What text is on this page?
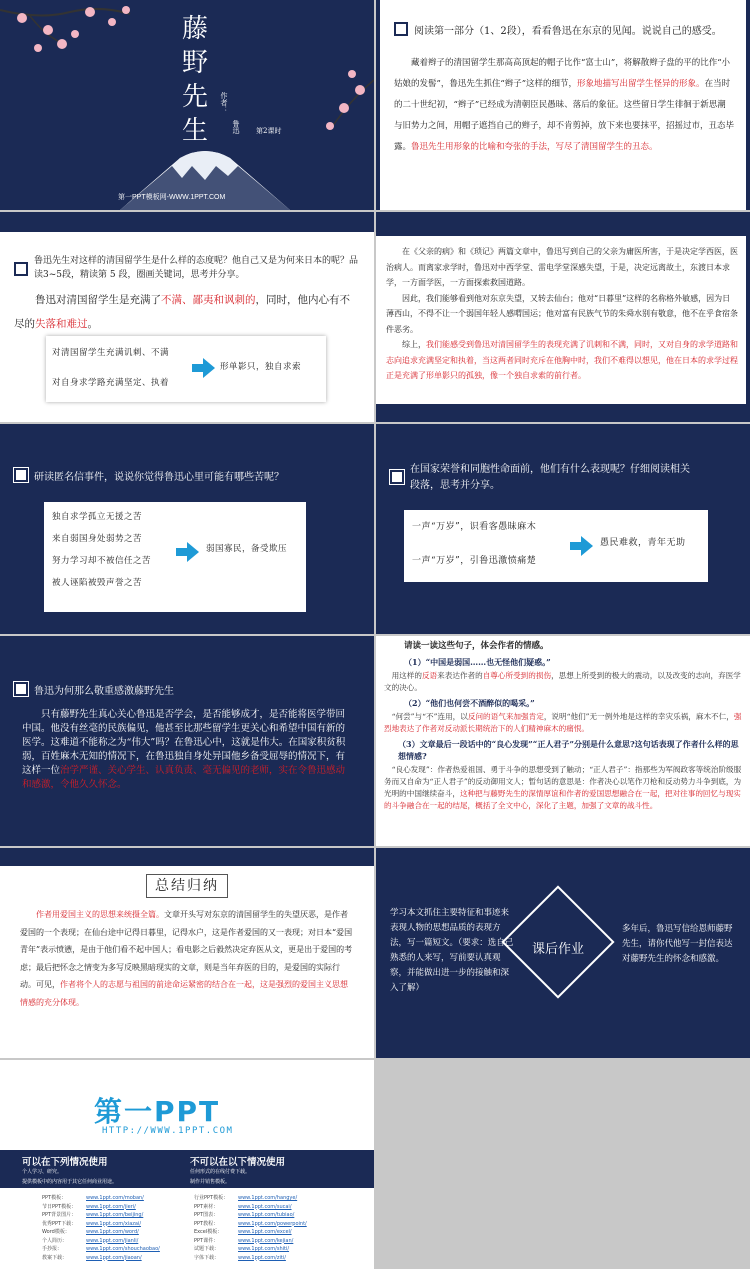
藤
野
先
生
作者：
鲁迅 第2课时
第一PPT模板网-WWW.1PPT.COM
阅读第一部分（1、2段），看看鲁迅在东京的见闻。说说自己的感受。
藏着辫子的清国留学生那高高顶起的帽子比作“富士山”，将解散辫子盘的平的比作“小姑娘的发髻”，鲁迅先生抓住“辫子”这样的细节，形象地描写出留学生怪异的形象。在当时的二十世纪初，“辫子”已经成为清朝臣民愚昧、落后的象征。这些留日学生徘徊于新思潮与旧势力之间，用帽子遮挡自己的辫子，却不肯剪掉，放下来也要抹平，招摇过市，丑态毕露。鲁迅先生用形象的比喻和夸张的手法，写尽了清国留学生的丑态。
鲁迅先生对这样的清国留学生是什么样的态度呢？他自己又是为何来日本的呢？品读3~5段，精读第 5 段，圈画关键词，思考并分享。
鲁迅对清国留学生是充满了不满、鄙夷和讽刺的，同时，他内心有不尽的失落和难过。
对清国留学生充满讥刺、不满
对自身求学路充满坚定、执着
形单影只，独自求索
在《父亲的病》和《琐记》两篇文章中，鲁迅写到自己的父亲为庸医所害，于是决定学西医，医治病人。而离家求学时，鲁迅对中西学堂、雷电学堂深感失望，于是，决定远离故土，东渡日本求学，一方面学医，一方面探索救国道路。
因此，我们能够看到他对东京失望，又转去仙台；他对“日暮里”这样的名称格外敏感，因为日薄西山，不得不让一个弱国年轻人感喟国运；他对富有民族气节的朱舜水别有敬意，他不在乎食宿条件恶劣。
综上，我们能感受到鲁迅对清国留学生的表现充满了讥刺和不满，同时，又对自身的求学道路和志向追求充满坚定和执着，当这两者同时充斥在他胸中时，我们不难得以想见，他在日本的求学过程正是充满了形单影只的孤独，像一个独自求索的前行者。
研读匿名信事件，说说你觉得鲁迅心里可能有哪些苦呢？
独自求学孤立无援之苦
来自弱国身处弱势之苦
努力学习却不被信任之苦
被人诬陷被毁声誉之苦
弱国寡民，备受欺压
在国家荣誉和同胞性命面前，他们有什么表现呢？仔细阅读相关段落，思考并分享。
一声“万岁”，识看客愚昧麻木
一声“万岁”，引鲁迅激愤痛楚
愚民难救，青年无助
鲁迅为何那么敬重感激藤野先生
只有藤野先生真心关心鲁迅是否学会，是否能够成才，是否能将医学带回中国。他没有丝毫的民族偏见，他甚至比那些留学生更关心和希望中国有新的医学。这难道不能称之为“伟大”吗？在鲁迅心中，这就是伟大。在国家积贫积弱，百姓麻木无知的情况下，在鲁迅独自身处异国他乡备受屈辱的情况下，有这样一位治学严谨、关心学生、认真负责、毫无偏见的老师，实在令鲁迅感动和感激，令他久久怀念。
请读一读这些句子，体会作者的情感。
（1）“中国是弱国……也无怪他们疑惑。”
用这样的反语来表达作者的自尊心所受到的损伤，思想上所受到的极大的震动，以及改变的志向，弃医学文的决心。
（2）“他们也何尝不酒醉似的喝采。”
“何尝”与“不”连用，以反问的语气来加强肯定，说明“他们”无一例外地是这样的幸灾乐祸，麻木不仁，强烈地表达了作者对反动派长期统治下的人们精神麻木的痛恨。
（3）文章最后一段话中的“良心发现”“正人君子”分别是什么意思?这句话表现了作者什么样的思想情感?
“良心发现”：作者热爱祖国、勇于斗争的思想受到了触动；“正人君子”：指那些为军阀政客等统治阶级服务而又自命为“正人君子”的反动御用文人；暂句话的意思是：作者决心以笔作刀枪和反动势力斗争到底，为光明的中国继续奋斗，这种把与藤野先生的深情厚谊和作者的爱国思想融合在一起，把对往事的回忆与现实的斗争融合在一起的结尾，概括了全文中心，深化了主题，加强了文章的战斗性。
总结归纳
作者用爱国主义的思想来统摄全篇。文章开头写对东京的清国留学生的失望厌恶，是作者爱国的一个表现；在仙台途中记得日暮里，记得水户，这是作者爱国的又一表现；对日本“爱国青年”表示愤懑，是由于他们看不起中国人；看电影之后毅然决定弃医从文，更是出于爱国的考虑；最后把怀念之情变为多写反映黑暗现实的文章，则是当年弃医的目的，是爱国的实际行动。可见，作者将个人的志愿与祖国的前途命运紧密的结合在一起，这是强烈的爱国主义思想情感的充分体现。
学习本文抓住主要特征和事迹来表现人物的思想品质的表现方法，写一篇短文。（要求：选自己熟悉的人来写，写前要认真观察，并能做出进一步的接触和深入了解）
课后作业
多年后，鲁迅写信给恩师藤野先生，请你代他写一封信表达对藤野先生的怀念和感激。
第一PPT
HTTP://WWW.1PPT.COM
可以在下列情况使用
个人学习、研究。
提供模板中的内容用于其它任何商业用途。
不可以在以下情况使用
任何形式的在线付费下载。
制作并销售模板。
PPT模板：	www.1ppt.com/moban/
节日PPT模板： www.1ppt.com/jieri/
PPT背景图片： www.1ppt.com/beijing/
优秀PPT下载： www.1ppt.com/xiazai/
Word模板：	www.1ppt.com/word/
个人简历：	www.1ppt.com/jianli/
手抄报：	www.1ppt.com/shouchaobao/
教案下载：	www.1ppt.com/jiaoan/
行业PPT模板： www.1ppt.com/hangye/
PPT素材：	www.1ppt.com/sucai/
PPT图表：	www.1ppt.com/tubiao/
PPT教程：	www.1ppt.com/powerpoint/
Excel模板：	www.1ppt.com/excel/
PPT课件：	www.1ppt.com/kejian/
试题下载：	www.1ppt.com/shiti/
字体下载：	www.1ppt.com/ziti/
